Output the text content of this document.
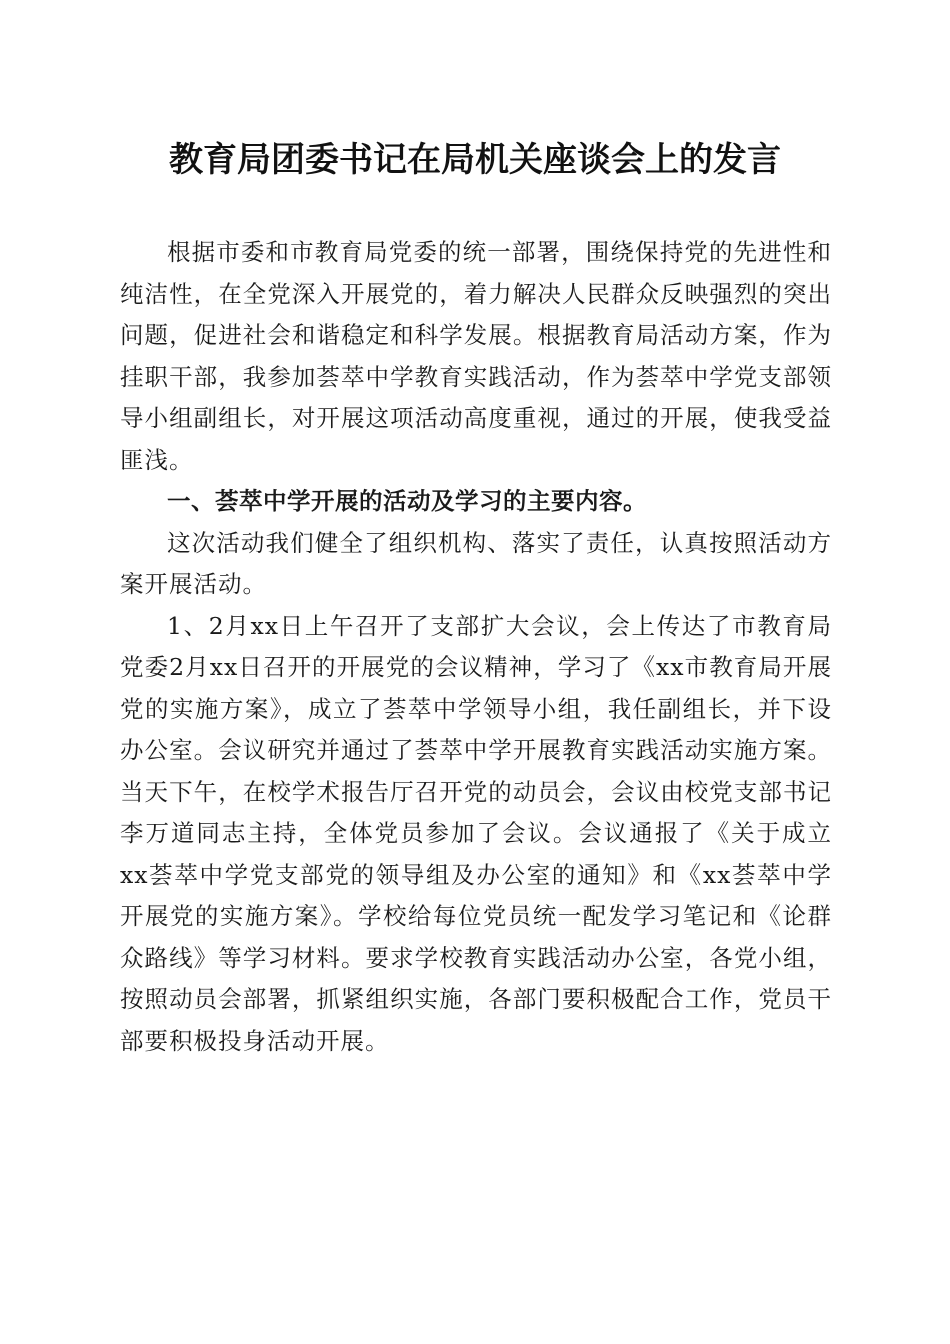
教育局团委书记在局机关座谈会上的发言

根据市委和市教育局党委的统一部署，围绕保持党的先进性和纯洁性，在全党深入开展党的，着力解决人民群众反映强烈的突出问题，促进社会和谐稳定和科学发展。根据教育局活动方案，作为挂职干部，我参加荟萃中学教育实践活动，作为荟萃中学党支部领导小组副组长，对开展这项活动高度重视，通过的开展，使我受益匪浅。

一、荟萃中学开展的活动及学习的主要内容。

这次活动我们健全了组织机构、落实了责任，认真按照活动方案开展活动。

1、2月xx日上午召开了支部扩大会议，会上传达了市教育局党委2月xx日召开的开展党的会议精神，学习了《xx市教育局开展党的实施方案》，成立了荟萃中学领导小组，我任副组长，并下设办公室。会议研究并通过了荟萃中学开展教育实践活动实施方案。当天下午，在校学术报告厅召开党的动员会，会议由校党支部书记李万道同志主持，全体党员参加了会议。会议通报了《关于成立xx荟萃中学党支部党的领导组及办公室的通知》和《xx荟萃中学开展党的实施方案》。学校给每位党员统一配发学习笔记和《论群众路线》等学习材料。要求学校教育实践活动办公室，各党小组，按照动员会部署，抓紧组织实施，各部门要积极配合工作，党员干部要积极投身活动开展。
